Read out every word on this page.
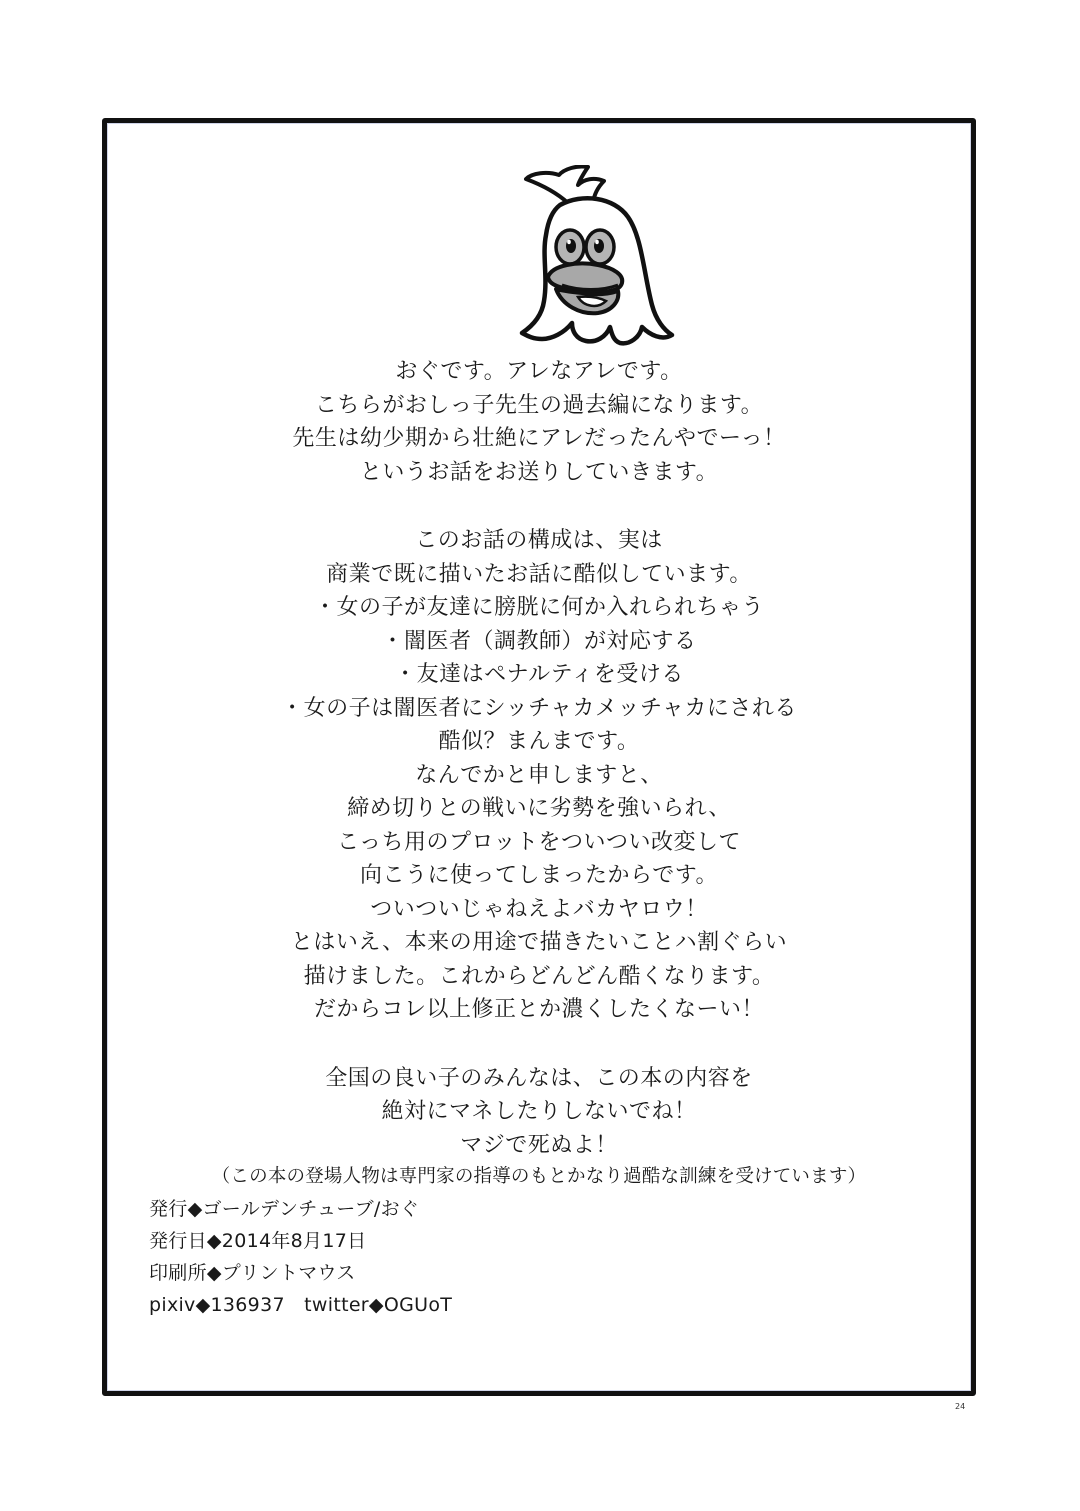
おぐです。アレなアレです。
こちらがおしっ子先生の過去編になります。
先生は幼少期から壮絶にアレだったんやでーっ！
というお話をお送りしていきます。
このお話の構成は、実は
商業で既に描いたお話に酷似しています。
・女の子が友達に膀胱に何か入れられちゃう
・闇医者（調教師）が対応する
・友達はペナルティを受ける
・女の子は闇医者にシッチャカメッチャカにされる
酷似？まんまです。
なんでかと申しますと、
締め切りとの戦いに劣勢を強いられ、
こっち用のプロットをついつい改変して
向こうに使ってしまったからです。
ついついじゃねえよバカヤロウ！
とはいえ、本来の用途で描きたいことハ割ぐらい
描けました。これからどんどん酷くなります。
だからコレ以上修正とか濃くしたくなーい！
全国の良い子のみんなは、この本の内容を
絶対にマネしたりしないでね！
マジで死ぬよ！
（この本の登場人物は専門家の指導のもとかなり過酷な訓練を受けています）
発行◆ゴールデンチューブ/おぐ
発行日◆2014年8月17日
印刷所◆プリントマウス
pixiv◆136937　twitter◆OGUoT
24
